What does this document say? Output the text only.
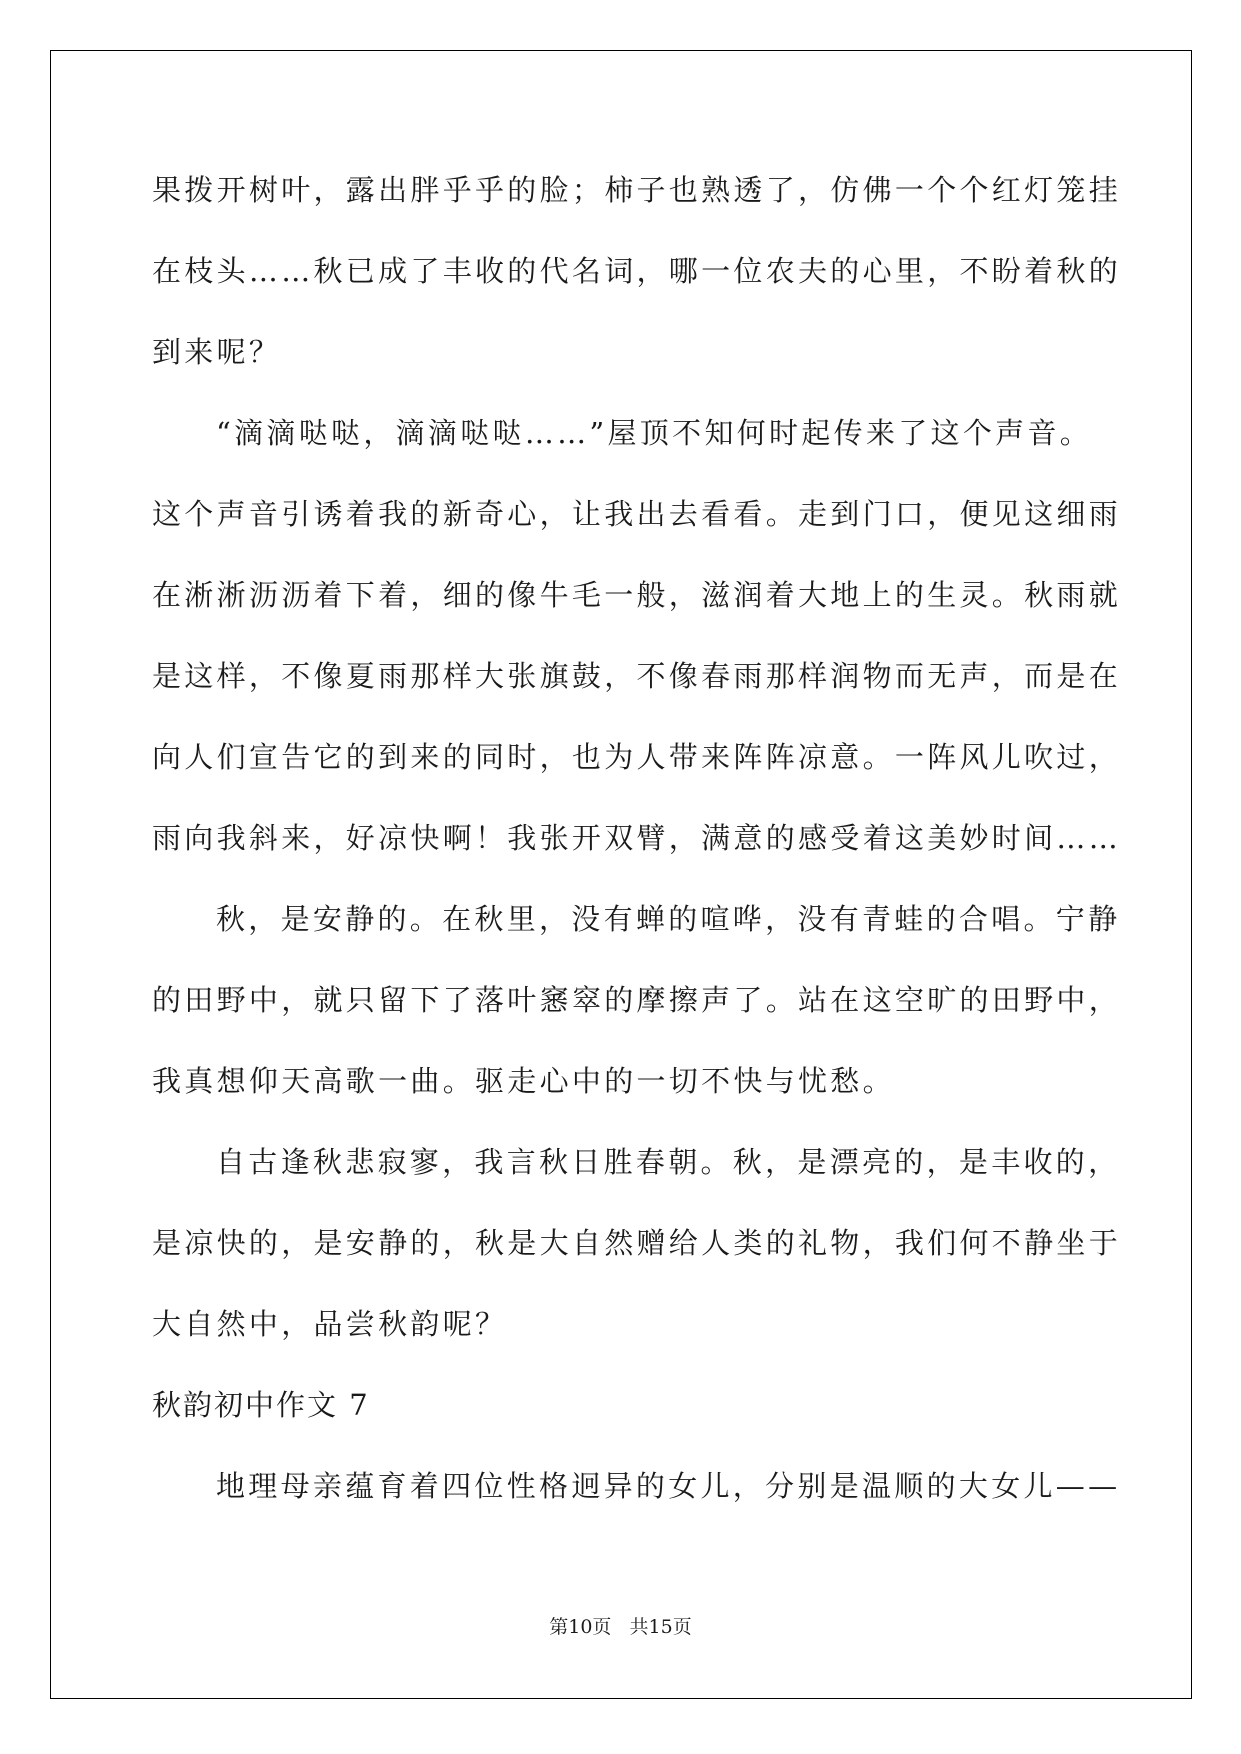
果拨开树叶，露出胖乎乎的脸；柿子也熟透了，仿佛一个个红灯笼挂
在枝头……秋已成了丰收的代名词，哪一位农夫的心里，不盼着秋的
到来呢？
“滴滴哒哒，滴滴哒哒……”屋顶不知何时起传来了这个声音。
这个声音引诱着我的新奇心，让我出去看看。走到门口，便见这细雨
在淅淅沥沥着下着，细的像牛毛一般，滋润着大地上的生灵。秋雨就
是这样，不像夏雨那样大张旗鼓，不像春雨那样润物而无声，而是在
向人们宣告它的到来的同时，也为人带来阵阵凉意。一阵风儿吹过，
雨向我斜来，好凉快啊！我张开双臂，满意的感受着这美妙时间……
秋，是安静的。在秋里，没有蝉的喧哗，没有青蛙的合唱。宁静
的田野中，就只留下了落叶窸窣的摩擦声了。站在这空旷的田野中，
我真想仰天高歌一曲。驱走心中的一切不快与忧愁。
自古逢秋悲寂寥，我言秋日胜春朝。秋，是漂亮的，是丰收的，
是凉快的，是安静的，秋是大自然赠给人类的礼物，我们何不静坐于
大自然中，品尝秋韵呢？
秋韵初中作文 7
地理母亲蕴育着四位性格迥异的女儿，分别是温顺的大女儿——
第10页   共15页
